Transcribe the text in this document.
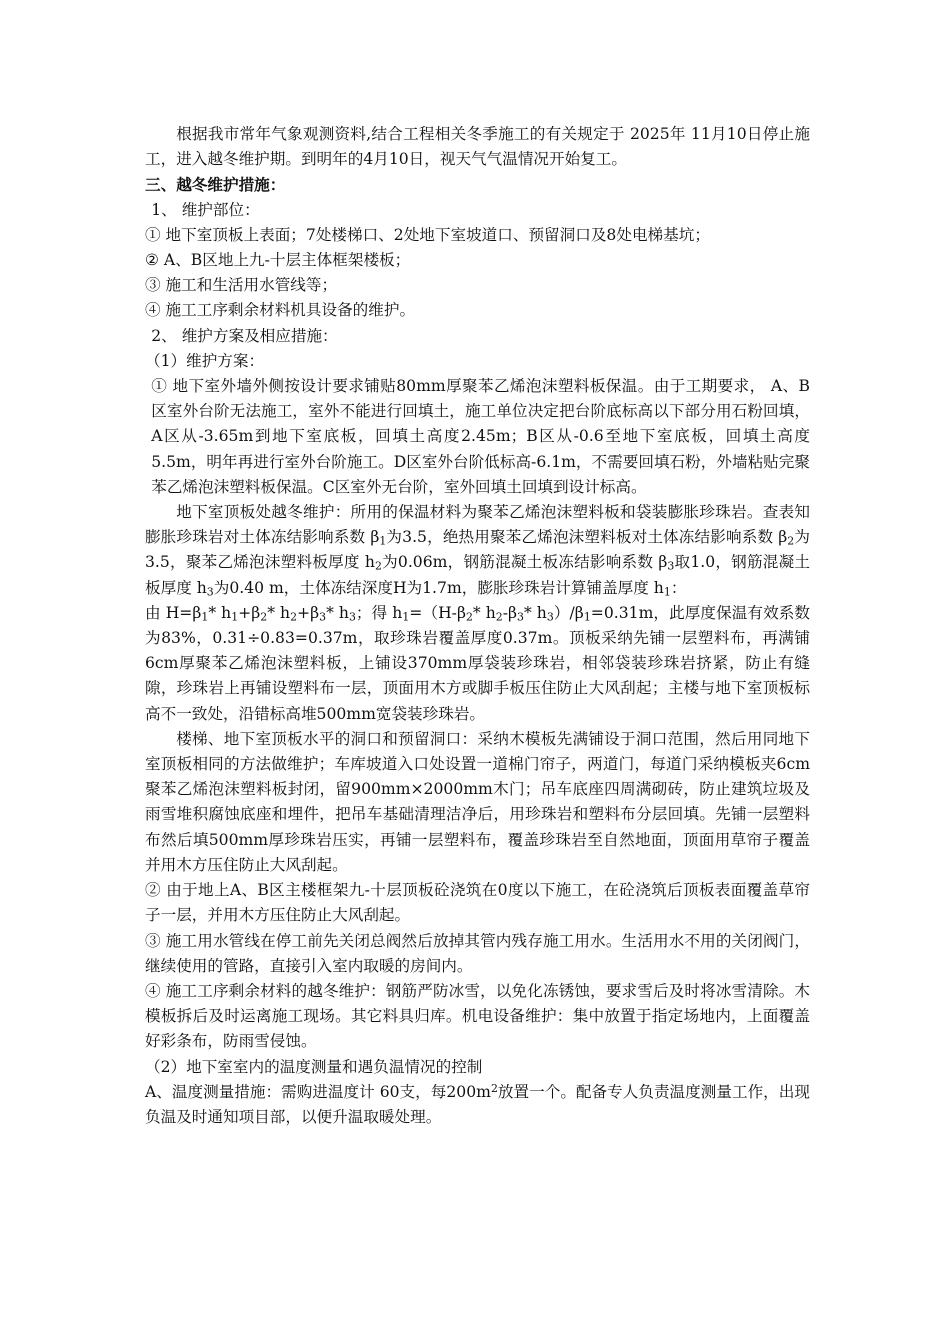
根据我市常年气象观测资料,结合工程相关冬季施工的有关规定于 2025年 11月10日停止施工，进入越冬维护期。到明年的4月10日，视天气气温情况开始复工。

三、越冬维护措施：

1、 维护部位：

① 地下室顶板上表面；7处楼梯口、2处地下室坡道口、预留洞口及8处电梯基坑；

② A、B区地上九-十层主体框架楼板；

③ 施工和生活用水管线等；

④ 施工工序剩余材料机具设备的维护。

2、 维护方案及相应措施：

（1）维护方案：

① 地下室外墙外侧按设计要求铺贴80mm厚聚苯乙烯泡沫塑料板保温。由于工期要求， A、B区室外台阶无法施工，室外不能进行回填土，施工单位决定把台阶底标高以下部分用石粉回填，A区从-3.65m到地下室底板，回填土高度2.45m；B区从-0.6至地下室底板，回填土高度5.5m，明年再进行室外台阶施工。D区室外台阶低标高-6.1m，不需要回填石粉，外墙粘贴完聚苯乙烯泡沫塑料板保温。C区室外无台阶，室外回填土回填到设计标高。

地下室顶板处越冬维护：所用的保温材料为聚苯乙烯泡沫塑料板和袋装膨胀珍珠岩。查表知膨胀珍珠岩对土体冻结影响系数 $\beta_1$为3.5，绝热用聚苯乙烯泡沫塑料板对土体冻结影响系数 $\beta_2$为3.5，聚苯乙烯泡沫塑料板厚度 $h_2$为0.06m，钢筋混凝土板冻结影响系数 $\beta_3$取1.0，钢筋混凝土板厚度 $h_3$为0.40 m，土体冻结深度H为1.7m，膨胀珍珠岩计算铺盖厚度 $h_1$：

由 $H=\beta_1*$ $h_1+\beta_2*$ $h_2+\beta_3*$ $h_3$；得 $h_1=(H-\beta_2*$ $h_2-\beta_3*$ $h_3)/\beta_1=0.31m$，此厚度保温有效系数为83%，0.31÷0.83=0.37m，取珍珠岩覆盖厚度0.37m。顶板采纳先铺一层塑料布，再满铺6cm厚聚苯乙烯泡沫塑料板，上铺设370mm厚袋装珍珠岩，相邻袋装珍珠岩挤紧，防止有缝隙，珍珠岩上再铺设塑料布一层，顶面用木方或脚手板压住防止大风刮起；主楼与地下室顶板标高不一致处，沿错标高堆500mm宽袋装珍珠岩。

楼梯、地下室顶板水平的洞口和预留洞口：采纳木模板先满铺设于洞口范围，然后用同地下室顶板相同的方法做维护；车库坡道入口处设置一道棉门帘子，两道门，每道门采纳模板夹6cm聚苯乙烯泡沫塑料板封闭，留900mm×2000mm木门；吊车底座四周满砌砖，防止建筑垃圾及雨雪堆积腐蚀底座和埋件，把吊车基础清理洁净后，用珍珠岩和塑料布分层回填。先铺一层塑料布然后填500mm厚珍珠岩压实，再铺一层塑料布，覆盖珍珠岩至自然地面，顶面用草帘子覆盖并用木方压住防止大风刮起。

② 由于地上A、B区主楼框架九-十层顶板砼浇筑在0度以下施工，在砼浇筑后顶板表面覆盖草帘子一层，并用木方压住防止大风刮起。

③ 施工用水管线在停工前先关闭总阀然后放掉其管内残存施工用水。生活用水不用的关闭阀门，继续使用的管路，直接引入室内取暖的房间内。

④ 施工工序剩余材料的越冬维护：钢筋严防冰雪，以免化冻锈蚀，要求雪后及时将冰雪清除。木模板拆后及时运离施工现场。其它料具归库。机电设备维护：集中放置于指定场地内，上面覆盖好彩条布，防雨雪侵蚀。

（2）地下室室内的温度测量和遇负温情况的控制

A、温度测量措施：需购进温度计 60支，每$200m^2$放置一个。配备专人负责温度测量工作，出现负温及时通知项目部，以便升温取暖处理。
